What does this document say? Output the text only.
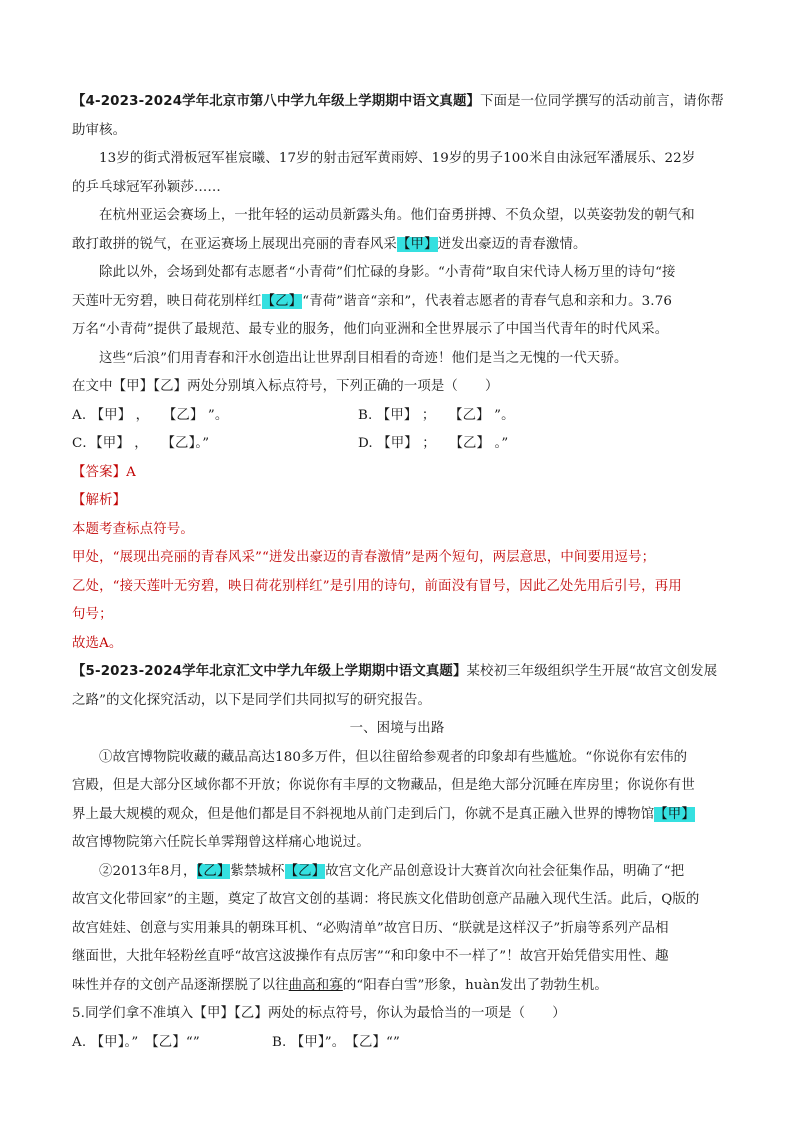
【4-2023-2024学年北京市第八中学九年级上学期期中语文真题】下面是一位同学撰写的活动前言，请你帮
助审核。
13岁的街式滑板冠军崔宸曦、17岁的射击冠军黄雨婷、19岁的男子100米自由泳冠军潘展乐、22岁
的乒乓球冠军孙颖莎……
在杭州亚运会赛场上，一批年轻的运动员新露头角。他们奋勇拼搏、不负众望，以英姿勃发的朝气和
敢打敢拼的锐气，在亚运赛场上展现出亮丽的青春风采【甲】迸发出豪迈的青春激情。
除此以外，会场到处都有志愿者“小青荷”们忙碌的身影。“小青荷”取自宋代诗人杨万里的诗句“接
天莲叶无穷碧，映日荷花别样红【乙】“青荷”谐音“亲和”，代表着志愿者的青春气息和亲和力。3.76
万名“小青荷”提供了最规范、最专业的服务，他们向亚洲和全世界展示了中国当代青年的时代风采。
这些“后浪”们用青春和汗水创造出让世界刮目相看的奇迹！他们是当之无愧的一代天骄。
在文中【甲】【乙】两处分别填入标点符号，下列正确的一项是（　　）
A. 【甲】 ，　　【乙】 ”。	B. 【甲】 ；　　【乙】 ”。
C．【甲】 ，　　【乙】。”	D. 【甲】 ；　　【乙】 。”
【答案】A
【解析】
本题考查标点符号。
甲处，“展现出亮丽的青春风采”“迸发出豪迈的青春激情”是两个短句，两层意思，中间要用逗号；
乙处，“接天莲叶无穷碧，映日荷花别样红”是引用的诗句，前面没有冒号，因此乙处先用后引号，再用
句号；
故选A。
【5-2023-2024学年北京汇文中学九年级上学期期中语文真题】某校初三年级组织学生开展“故宫文创发展
之路”的文化探究活动，以下是同学们共同拟写的研究报告。
一、困境与出路
①故宫博物院收藏的藏品高达180多万件，但以往留给参观者的印象却有些尴尬。“你说你有宏伟的
宫殿，但是大部分区域你都不开放；你说你有丰厚的文物藏品，但是绝大部分沉睡在库房里；你说你有世
界上最大规模的观众，但是他们都是目不斜视地从前门走到后门，你就不是真正融入世界的博物馆【甲】
故宫博物院第六任院长单霁翔曾这样痛心地说过。
②2013年8月，【乙】紫禁城杯【乙】故宫文化产品创意设计大赛首次向社会征集作品，明确了“把
故宫文化带回家”的主题，奠定了故宫文创的基调：将民族文化借助创意产品融入现代生活。此后，Q版的
故宫娃娃、创意与实用兼具的朝珠耳机、“必购清单”故宫日历、“朕就是这样汉子”折扇等系列产品相
继面世，大批年轻粉丝直呼“故宫这波操作有点厉害”“和印象中不一样了”！故宫开始凭借实用性、趣
味性并存的文创产品逐渐摆脱了以往曲高和寡的“阳春白雪”形象，huàn发出了勃勃生机。
5.同学们拿不准填入【甲】【乙】两处的标点符号，你认为最恰当的一项是（　　）
A. 【甲】。”　【乙】“”	B. 【甲】”。　【乙】“”
